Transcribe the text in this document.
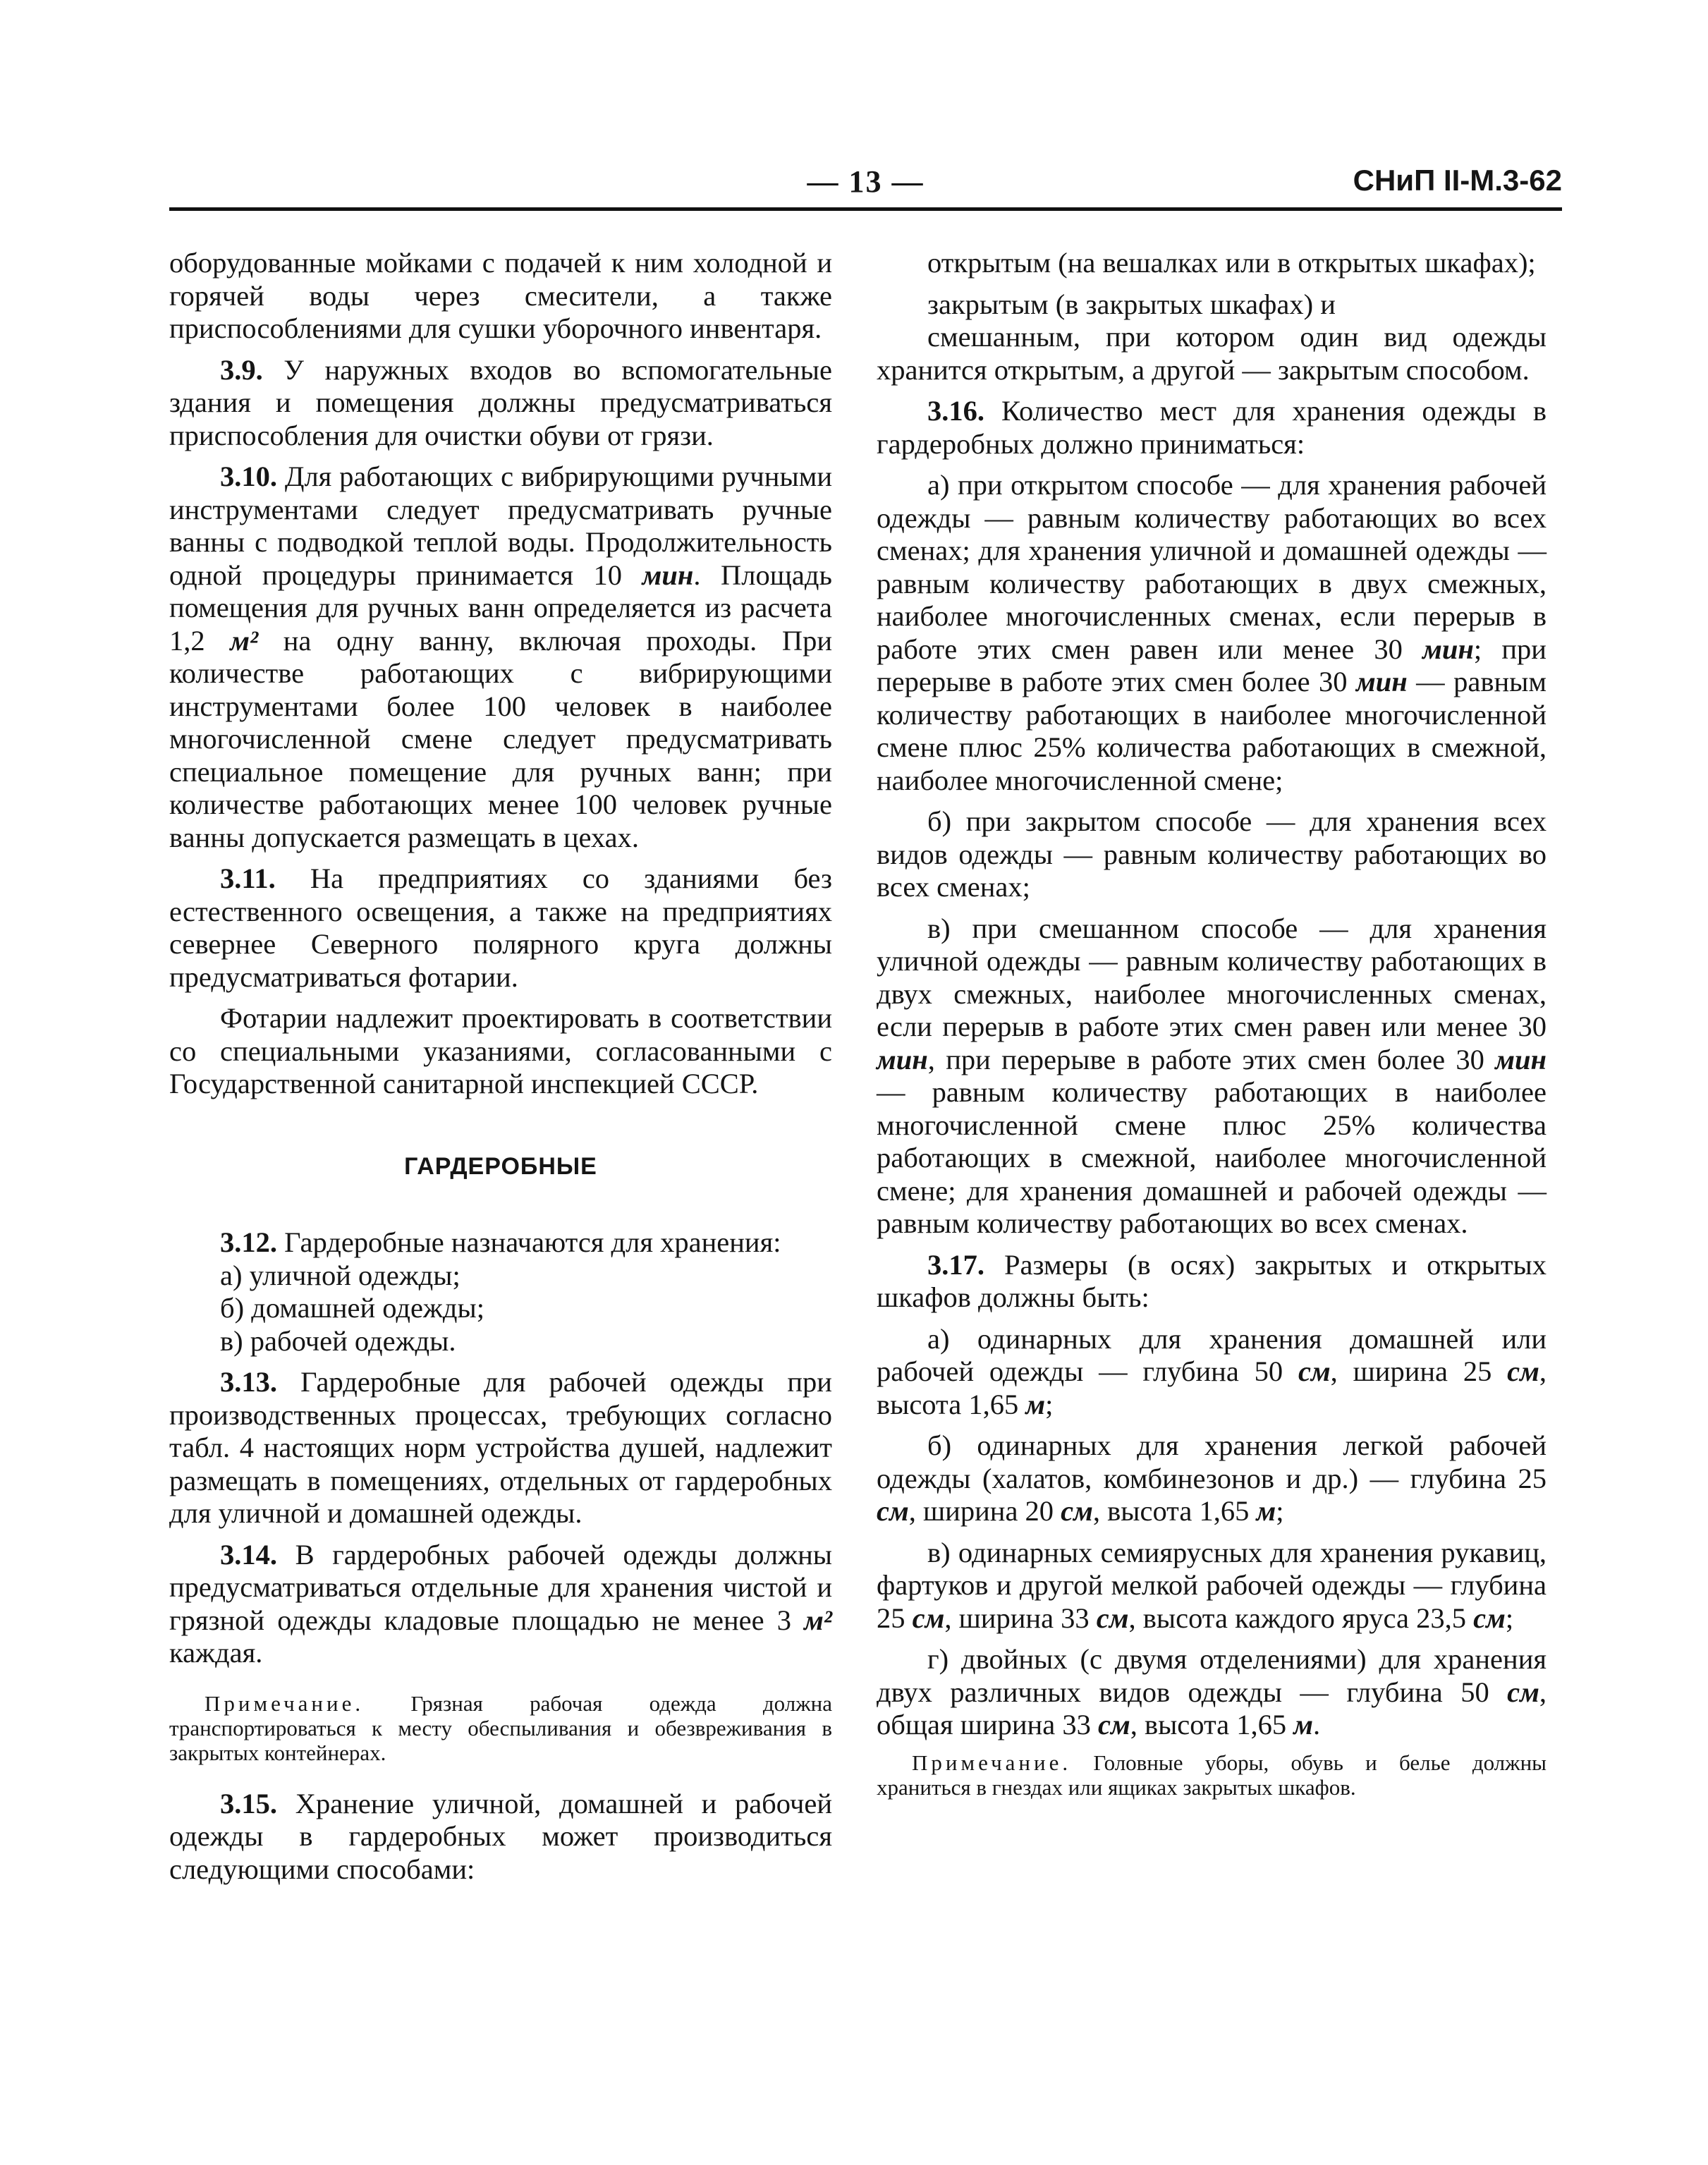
— 13 —	СНиП II-М.3-62

оборудованные мойками с подачей к ним холодной и горячей воды через смесители, а также приспособлениями для сушки уборочного инвентаря.

3.9. У наружных входов во вспомогательные здания и помещения должны предусматриваться приспособления для очистки обуви от грязи.

3.10. Для работающих с вибрирующими ручными инструментами следует предусматривать ручные ванны с подводкой теплой воды. Продолжительность одной процедуры принимается 10 мин. Площадь помещения для ручных ванн определяется из расчета 1,2 м² на одну ванну, включая проходы. При количестве работающих с вибрирующими инструментами более 100 человек в наиболее многочисленной смене следует предусматривать специальное помещение для ручных ванн; при количестве работающих менее 100 человек ручные ванны допускается размещать в цехах.

3.11. На предприятиях со зданиями без естественного освещения, а также на предприятиях севернее Северного полярного круга должны предусматриваться фотарии.

Фотарии надлежит проектировать в соответствии со специальными указаниями, согласованными с Государственной санитарной инспекцией СССР.

ГАРДЕРОБНЫЕ

3.12. Гардеробные назначаются для хранения:

а) уличной одежды;

б) домашней одежды;

в) рабочей одежды.

3.13. Гардеробные для рабочей одежды при производственных процессах, требующих согласно табл. 4 настоящих норм устройства душей, надлежит размещать в помещениях, отдельных от гардеробных для уличной и домашней одежды.

3.14. В гардеробных рабочей одежды должны предусматриваться отдельные для хранения чистой и грязной одежды кладовые площадью не менее 3 м² каждая.

Примечание. Грязная рабочая одежда должна транспортироваться к месту обеспыливания и обезвреживания в закрытых контейнерах.

3.15. Хранение уличной, домашней и рабочей одежды в гардеробных может производиться следующими способами:

открытым (на вешалках или в открытых шкафах);

закрытым (в закрытых шкафах) и

смешанным, при котором один вид одежды хранится открытым, а другой — закрытым способом.

3.16. Количество мест для хранения одежды в гардеробных должно приниматься:

а) при открытом способе — для хранения рабочей одежды — равным количеству работающих во всех сменах; для хранения уличной и домашней одежды — равным количеству работающих в двух смежных, наиболее многочисленных сменах, если перерыв в работе этих смен равен или менее 30 мин; при перерыве в работе этих смен более 30 мин — равным количеству работающих в наиболее многочисленной смене плюс 25% количества работающих в смежной, наиболее многочисленной смене;

б) при закрытом способе — для хранения всех видов одежды — равным количеству работающих во всех сменах;

в) при смешанном способе — для хранения уличной одежды — равным количеству работающих в двух смежных, наиболее многочисленных сменах, если перерыв в работе этих смен равен или менее 30 мин, при перерыве в работе этих смен более 30 мин — равным количеству работающих в наиболее многочисленной смене плюс 25% количества работающих в смежной, наиболее многочисленной смене; для хранения домашней и рабочей одежды — равным количеству работающих во всех сменах.

3.17. Размеры (в осях) закрытых и открытых шкафов должны быть:

а) одинарных для хранения домашней или рабочей одежды — глубина 50 см, ширина 25 см, высота 1,65 м;

б) одинарных для хранения легкой рабочей одежды (халатов, комбинезонов и др.) — глубина 25 см, ширина 20 см, высота 1,65 м;

в) одинарных семиярусных для хранения рукавиц, фартуков и другой мелкой рабочей одежды — глубина 25 см, ширина 33 см, высота каждого яруса 23,5 см;

г) двойных (с двумя отделениями) для хранения двух различных видов одежды — глубина 50 см, общая ширина 33 см, высота 1,65 м.

Примечание. Головные уборы, обувь и белье должны храниться в гнездах или ящиках закрытых шкафов.
